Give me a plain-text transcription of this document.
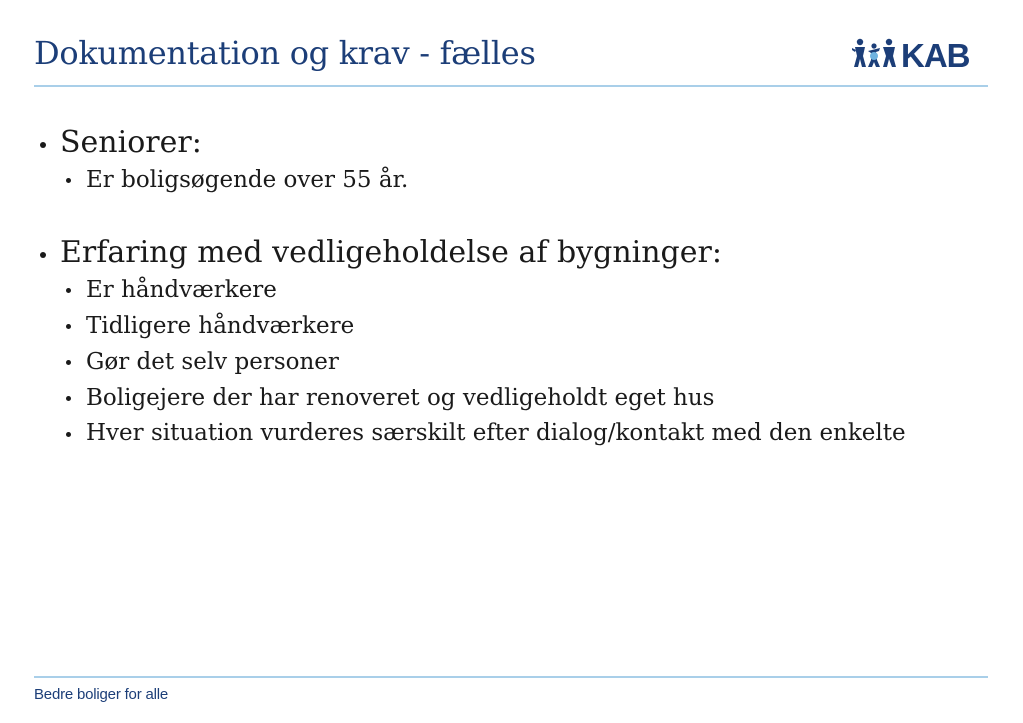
Dokumentation og krav - fælles	KAB
Seniorer:
Er boligsøgende over 55 år.
Erfaring med vedligeholdelse af bygninger:
Er håndværkere
Tidligere håndværkere
Gør det selv personer
Boligejere der har renoveret og vedligeholdt eget hus
Hver situation vurderes særskilt efter dialog/kontakt med den enkelte
Bedre boliger for alle
